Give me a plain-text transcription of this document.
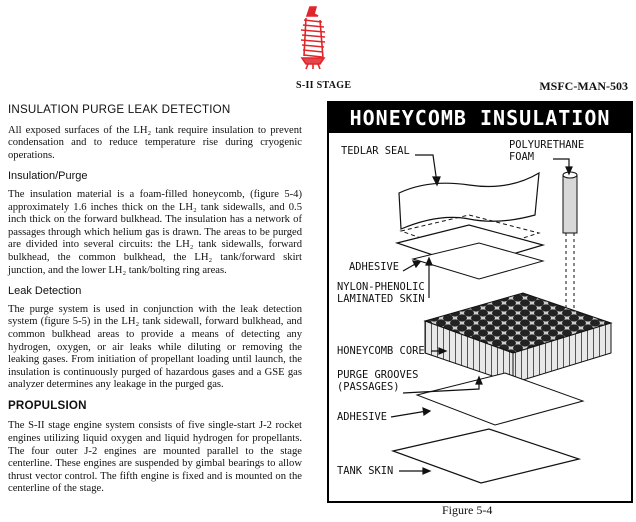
S-II STAGE	MSFC-MAN-503
INSULATION PURGE LEAK DETECTION

All exposed surfaces of the LH₂ tank require insulation to prevent condensation and to reduce temperature rise during cryogenic operations.

Insulation/Purge

The insulation material is a foam-filled honeycomb, (figure 5-4) approximately 1.6 inches thick on the LH₂ tank sidewalls, and 0.5 inch thick on the forward bulkhead. The insulation has a network of passages through which helium gas is drawn. The areas to be purged are divided into several circuits: the LH₂ tank sidewalls, forward bulkhead, the common bulkhead, the LH₂ tank/forward skirt junction, and the lower LH₂ tank/bolting ring areas.

Leak Detection

The purge system is used in conjunction with the leak detection system (figure 5-5) in the LH₂ tank sidewall, forward bulkhead, and common bulkhead areas to provide a means of detecting any hydrogen, oxygen, or air leaks while diluting or removing the leaking gases. From initiation of propellant loading until launch, the insulation is continuously purged of hazardous gases and a GSE gas analyzer determines any leakage in the purged gas.

PROPULSION

The S-II stage engine system consists of five single-start J-2 rocket engines utilizing liquid oxygen and liquid hydrogen for propellants. The four outer J-2 engines are mounted parallel to the stage centerline. These engines are suspended by gimbal bearings to allow thrust vector control. The fifth engine is fixed and is mounted on the centerline of the stage.

HONEYCOMB INSULATION
TEDLAR SEAL	POLYURETHANE
FOAM
ADHESIVE
NYLON-PHENOLIC
LAMINATED SKIN
HONEYCOMB CORE
PURGE GROOVES
(PASSAGES)
ADHESIVE
TANK SKIN
Figure 5-4
